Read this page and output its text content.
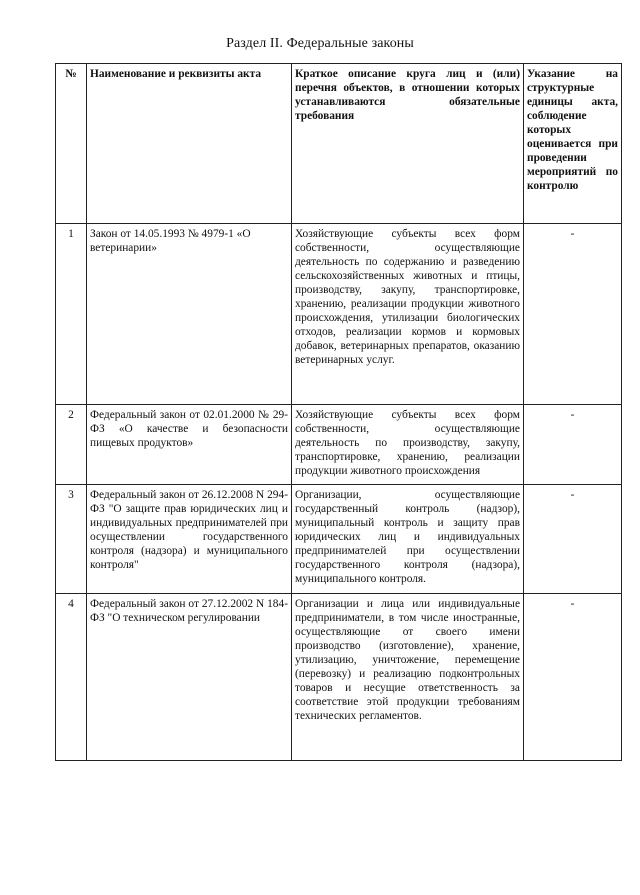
Раздел II. Федеральные законы
№	Наименование и реквизиты акта	Краткое описание круга лиц и (или) перечня объектов, в отношении которых устанавливаются обязательные требования	Указание на структурные единицы акта, соблюдение которых оценивается при проведении мероприятий по контролю
1	Закон от 14.05.1993 № 4979-1 «О ветеринарии»	Хозяйствующие субъекты всех форм собственности, осуществляющие деятельность по содержанию и разведению сельскохозяйственных животных и птицы, производству, закупу, транспортировке, хранению, реализации продукции животного происхождения, утилизации биологических отходов, реализации кормов и кормовых добавок, ветеринарных препаратов, оказанию ветеринарных услуг.	-
2	Федеральный закон от 02.01.2000 № 29-ФЗ «О качестве и безопасности пищевых продуктов»	Хозяйствующие субъекты всех форм собственности, осуществляющие деятельность по производству, закупу, транспортировке, хранению, реализации продукции животного происхождения	-
3	Федеральный закон от 26.12.2008 N 294-ФЗ "О защите прав юридических лиц и индивидуальных предпринимателей при осуществлении государственного контроля (надзора) и муниципального контроля"	Организации, осуществляющие государственный контроль (надзор), муниципальный контроль и защиту прав юридических лиц и индивидуальных предпринимателей при осуществлении государственного контроля (надзора), муниципального контроля.	-
4	Федеральный закон от 27.12.2002 N 184-ФЗ "О техническом регулировании	Организации и лица или индивидуальные предприниматели, в том числе иностранные, осуществляющие от своего имени производство (изготовление), хранение, утилизацию, уничтожение, перемещение (перевозку) и реализацию подконтрольных товаров и несущие ответственность за соответствие этой продукции требованиям технических регламентов.	-
